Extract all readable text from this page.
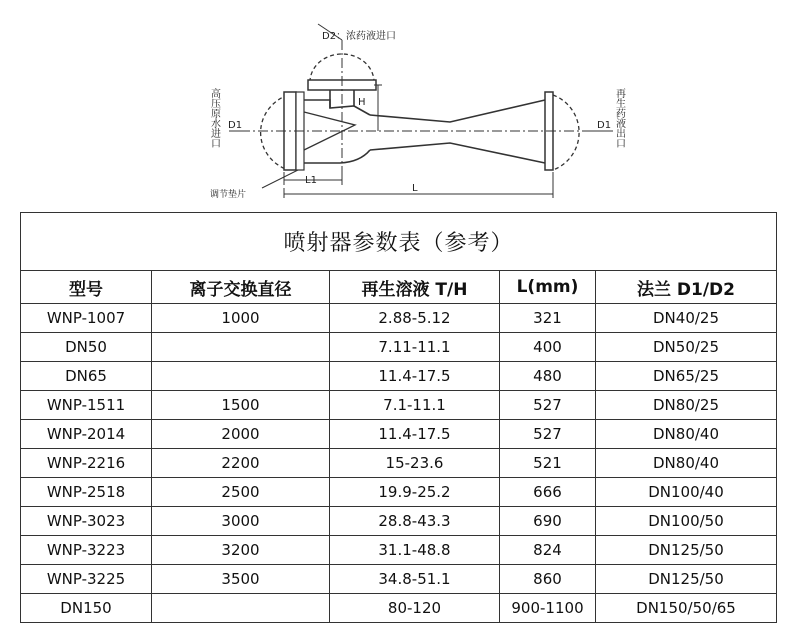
D2：浓药液进口
H
L1
L
D1	D1
调节垫片
高压原水进口	再生药液出口
喷射器参数表（参考）				
型号	离子交换直径	再生溶液 T/H	L(mm)	法兰 D1/D2
WNP-1007	1000	2.88-5.12	321	DN40/25
DN50		7.11-11.1	400	DN50/25
DN65		11.4-17.5	480	DN65/25
WNP-1511	1500	7.1-11.1	527	DN80/25
WNP-2014	2000	11.4-17.5	527	DN80/40
WNP-2216	2200	15-23.6	521	DN80/40
WNP-2518	2500	19.9-25.2	666	DN100/40
WNP-3023	3000	28.8-43.3	690	DN100/50
WNP-3223	3200	31.1-48.8	824	DN125/50
WNP-3225	3500	34.8-51.1	860	DN125/50
DN150		80-120	900-1100	DN150/50/65
